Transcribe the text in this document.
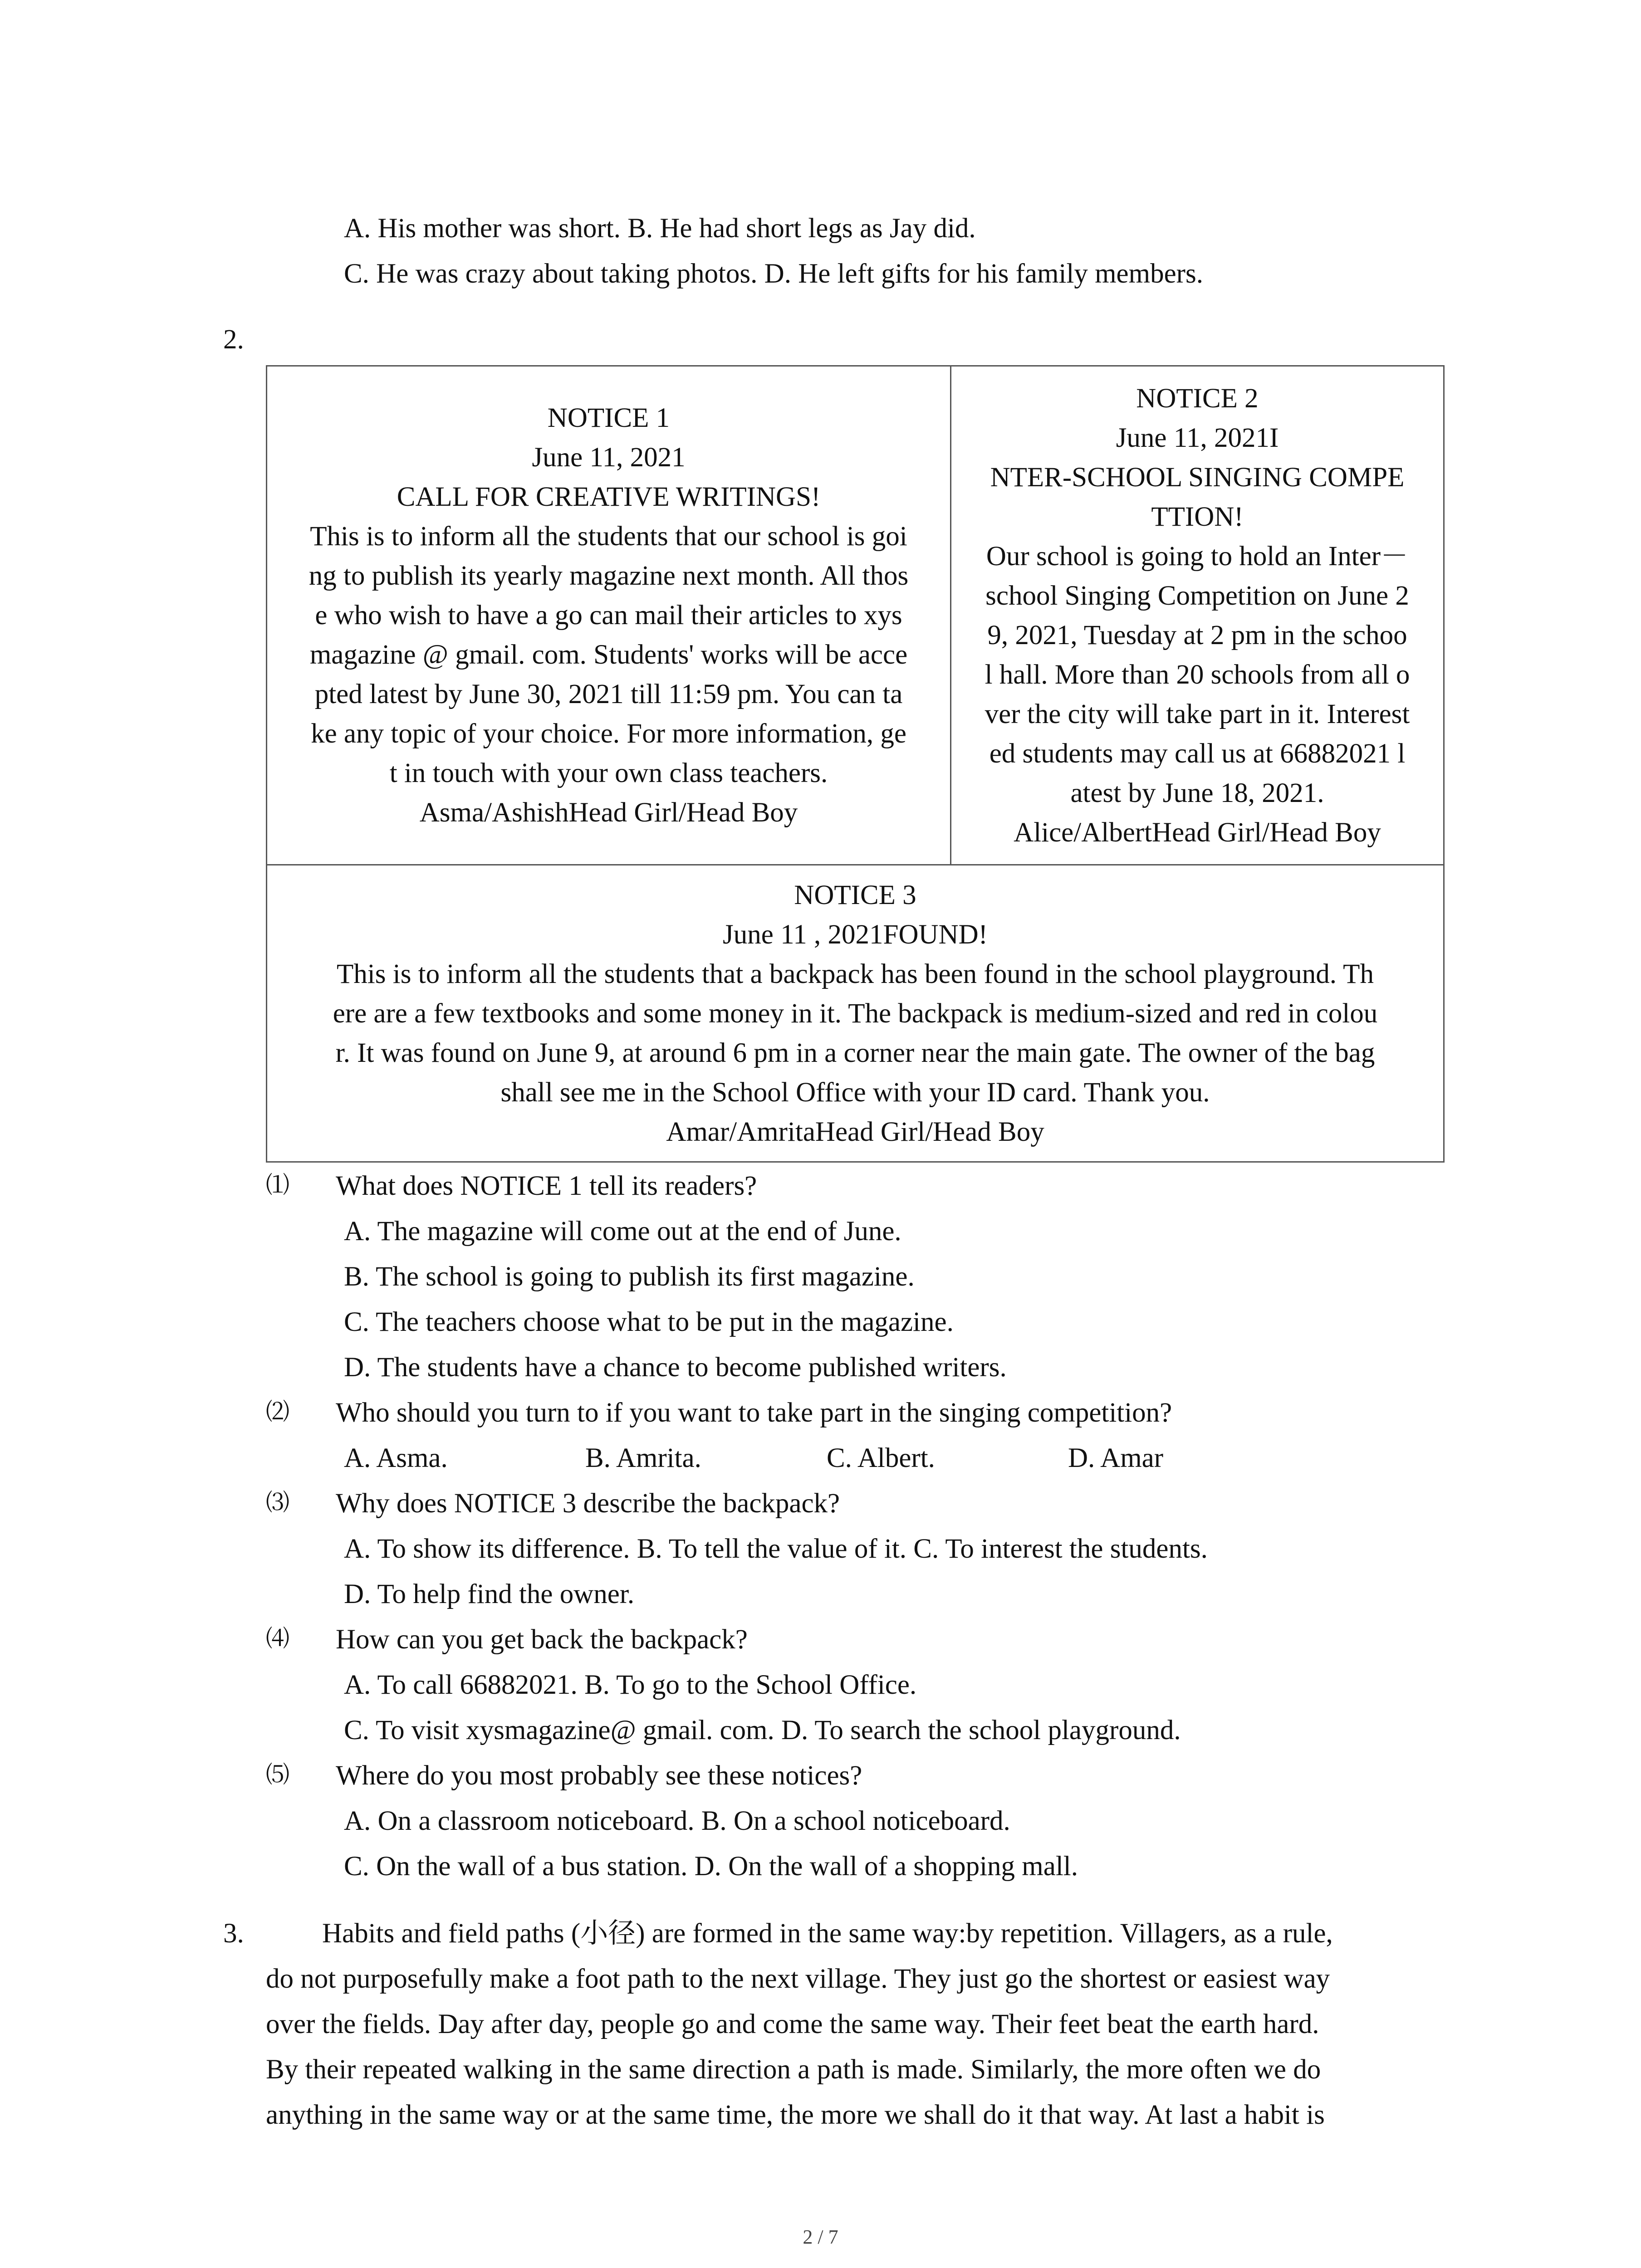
A. His mother was short. B. He had short legs as Jay did.
C. He was crazy about taking photos. D. He left gifts for his family members.
2.
NOTICE 1
June 11, 2021
CALL FOR CREATIVE WRITINGS!
This is to inform all the students that our school is goi
ng to publish its yearly magazine next month. All thos
e who wish to have a go can mail their articles to xys
magazine @ gmail. com. Students' works will be acce
pted latest by June 30, 2021 till 11:59 pm. You can ta
ke any topic of your choice. For more information, ge
t in touch with your own class teachers.
Asma/AshishHead Girl/Head Boy
NOTICE 2
June 11, 2021I
NTER-SCHOOL SINGING COMPE
TTION!
Our school is going to hold an Inter－
school Singing Competition on June 2
9, 2021, Tuesday at 2 pm in the schoo
l hall. More than 20 schools from all o
ver the city will take part in it. Interest
ed students may call us at 66882021 l
atest by June 18, 2021.
Alice/AlbertHead Girl/Head Boy
NOTICE 3
June 11 , 2021FOUND!
This is to inform all the students that a backpack has been found in the school playground. Th
ere are a few textbooks and some money in it. The backpack is medium-sized and red in colou
r. It was found on June 9, at around 6 pm in a corner near the main gate. The owner of the bag
shall see me in the School Office with your ID card. Thank you.
Amar/AmritaHead Girl/Head Boy
⑴ What does NOTICE 1 tell its readers?
A. The magazine will come out at the end of June.
B. The school is going to publish its first magazine.
C. The teachers choose what to be put in the magazine.
D. The students have a chance to become published writers.
⑵ Who should you turn to if you want to take part in the singing competition?
A. Asma.	B. Amrita.	C. Albert.	D. Amar
⑶ Why does NOTICE 3 describe the backpack?
A. To show its difference. B. To tell the value of it. C. To interest the students.
D. To help find the owner.
⑷ How can you get back the backpack?
A. To call 66882021. B. To go to the School Office.
C. To visit xysmagazine@ gmail. com. D. To search the school playground.
⑸ Where do you most probably see these notices?
A. On a classroom noticeboard. B. On a school noticeboard.
C. On the wall of a bus station. D. On the wall of a shopping mall.
3.	Habits and field paths (小径) are formed in the same way:by repetition. Villagers, as a rule,
do not purposefully make a foot path to the next village. They just go the shortest or easiest way
over the fields. Day after day, people go and come the same way. Their feet beat the earth hard.
By their repeated walking in the same direction a path is made. Similarly, the more often we do
anything in the same way or at the same time, the more we shall do it that way. At last a habit is
2 / 7
